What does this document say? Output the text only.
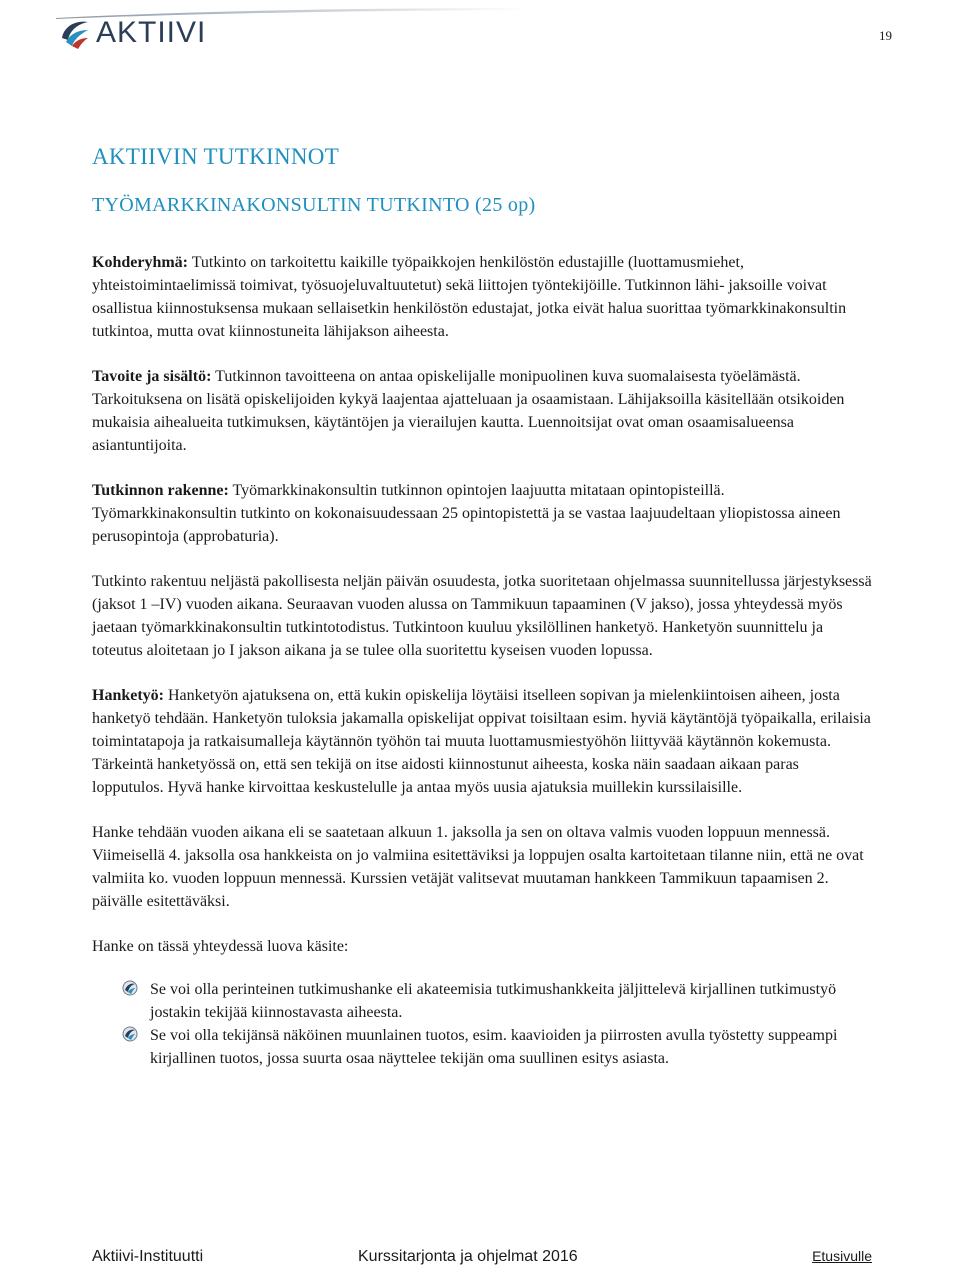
AKTIIVI	19
AKTIIVIN TUTKINNOT
TYÖMARKKINAKONSULTIN TUTKINTO (25 op)

Kohderyhmä: Tutkinto on tarkoitettu kaikille työpaikkojen henkilöstön edustajille (luottamusmiehet, yhteistoimintaelimissä toimivat, työsuojeluvaltuutetut) sekä liittojen työntekijöille. Tutkinnon lähi- jaksoille voivat osallistua kiinnostuksensa mukaan sellaisetkin henkilöstön edustajat, jotka eivät halua suorittaa työmarkkinakonsultin tutkintoa, mutta ovat kiinnostuneita lähijakson aiheesta.

Tavoite ja sisältö: Tutkinnon tavoitteena on antaa opiskelijalle monipuolinen kuva suomalaisesta työelämästä. Tarkoituksena on lisätä opiskelijoiden kykyä laajentaa ajatteluaan ja osaamistaan. Lähijaksoilla käsitellään otsikoiden mukaisia aihealueita tutkimuksen, käytäntöjen ja vierailujen kautta. Luennoitsijat ovat oman osaamisalueensa asiantuntijoita.

Tutkinnon rakenne: Työmarkkinakonsultin tutkinnon opintojen laajuutta mitataan opintopisteillä. Työmarkkinakonsultin tutkinto on kokonaisuudessaan 25 opintopistettä ja se vastaa laajuudeltaan yliopistossa aineen perusopintoja (approbaturia).

Tutkinto rakentuu neljästä pakollisesta neljän päivän osuudesta, jotka suoritetaan ohjelmassa suunnitellussa järjestyksessä (jaksot 1 –IV) vuoden aikana. Seuraavan vuoden alussa on Tammikuun tapaaminen (V jakso), jossa yhteydessä myös jaetaan työmarkkinakonsultin tutkintotodistus. Tutkintoon kuuluu yksilöllinen hanketyö. Hanketyön suunnittelu ja toteutus aloitetaan jo I jakson aikana ja se tulee olla suoritettu kyseisen vuoden lopussa.

Hanketyö: Hanketyön ajatuksena on, että kukin opiskelija löytäisi itselleen sopivan ja mielenkiintoisen aiheen, josta hanketyö tehdään. Hanketyön tuloksia jakamalla opiskelijat oppivat toisiltaan esim. hyviä käytäntöjä työpaikalla, erilaisia toimintatapoja ja ratkaisumalleja käytännön työhön tai muuta luottamusmiestyöhön liittyvää käytännön kokemusta. Tärkeintä hanketyössä on, että sen tekijä on itse aidosti kiinnostunut aiheesta, koska näin saadaan aikaan paras lopputulos. Hyvä hanke kirvoittaa keskustelulle ja antaa myös uusia ajatuksia muillekin kurssilaisille.

Hanke tehdään vuoden aikana eli se saatetaan alkuun 1. jaksolla ja sen on oltava valmis vuoden loppuun mennessä. Viimeisellä 4. jaksolla osa hankkeista on jo valmiina esitettäviksi ja loppujen osalta kartoitetaan tilanne niin, että ne ovat valmiita ko. vuoden loppuun mennessä. Kurssien vetäjät valitsevat muutaman hankkeen Tammikuun tapaamisen 2. päivälle esitettäväksi.

Hanke on tässä yhteydessä luova käsite:

Se voi olla perinteinen tutkimushanke eli akateemisia tutkimushankkeita jäljittelevä kirjallinen tutkimustyö jostakin tekijää kiinnostavasta aiheesta.
Se voi olla tekijänsä näköinen muunlainen tuotos, esim. kaavioiden ja piirrosten avulla työstetty suppeampi kirjallinen tuotos, jossa suurta osaa näyttelee tekijän oma suullinen esitys asiasta.
Aktiivi-Instituutti	Kurssitarjonta ja ohjelmat 2016	Etusivulle
